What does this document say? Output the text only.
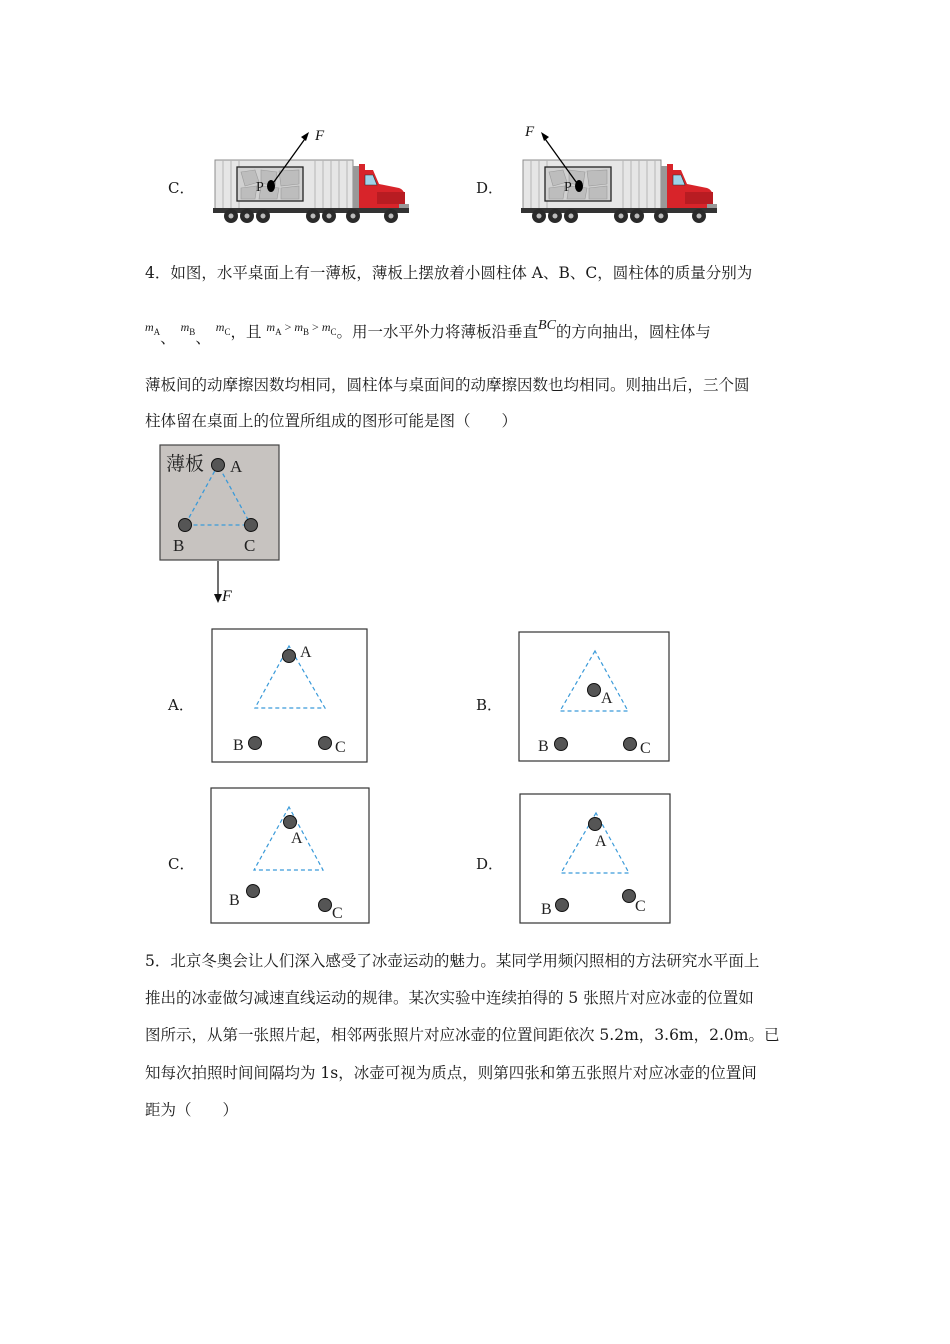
C．	P
F
D．	P
F
4．如图，水平桌面上有一薄板，薄板上摆放着小圆柱体 A、B、C，圆柱体的质量分别为
$^{m_A}$、 $^{m_B}$、 $^{m_C}$，且 $^{m_A > m_B > m_C}$。用一水平外力将薄板沿垂直BC的方向抽出，圆柱体与
薄板间的动摩擦因数均相同，圆柱体与桌面间的动摩擦因数也均相同。则抽出后，三个圆
柱体留在桌面上的位置所组成的图形可能是图（　　）
薄板 A
B	C
F
A．
A
B	C
B．	A
B	C
C．
A
B
C
D．
A
B	C
5．北京冬奥会让人们深入感受了冰壶运动的魅力。某同学用频闪照相的方法研究水平面上
推出的冰壶做匀减速直线运动的规律。某次实验中连续拍得的 5 张照片对应冰壶的位置如
图所示，从第一张照片起，相邻两张照片对应冰壶的位置间距依次 5.2m，3.6m，2.0m。已
知每次拍照时间间隔均为 1s，冰壶可视为质点，则第四张和第五张照片对应冰壶的位置间
距为（　　）
